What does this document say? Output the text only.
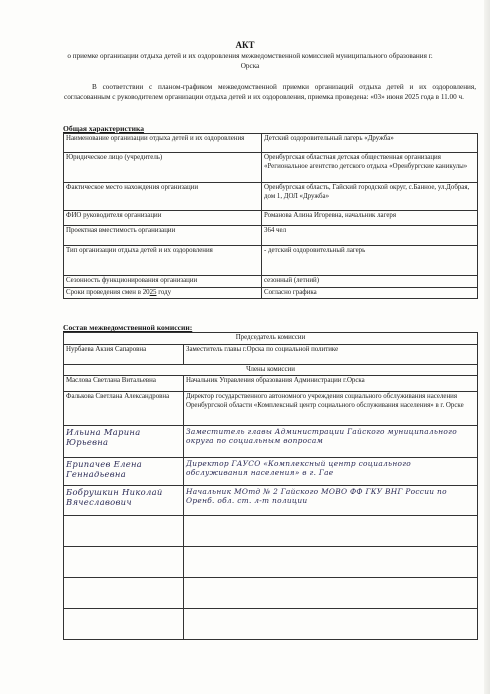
АКТ
о приемке организации отдыха детей и их оздоровления межведомственной комиссией муниципального образования г. Орска
В соответствии с планом-графиком межведомственной приемки организаций отдыха детей и их оздоровления, согласованным с руководителем организации отдыха детей и их оздоровления, приемка проведена: «03» июня 2025 года в 11.00 ч.
Общая характеристика
Наименование организации отдыха детей и их оздоровления	Детский оздоровительный лагерь «Дружба»
Юридическое лицо (учредитель)	Оренбургская областная детская общественная организация «Региональное агентство детского отдыха «Оренбургские каникулы»
Фактическое место нахождения организации	Оренбургская область, Гайский городской округ, с.Банное, ул.Добрая, дом 1, ДОЛ «Дружба»
ФИО руководителя организации	Романова Алина Игоревна, начальник лагеря
Проектная вместимость организации	364 чел
Тип организации отдыха детей и их оздоровления	- детский оздоровительный лагерь
Сезонность функционирования организации	сезонный (летний)
Сроки проведения смен в 2025 году	Согласно графика
Состав межведомственной комиссии:
Председатель комиссии	
Нурбаева Акзия Сапаровна	Заместитель главы г.Орска по социальной политике
Члены комиссии	
Маслова Светлана Витальевна	Начальник Управления образования Администрации г.Орска
Фалькова Светлана Александровна	Директор государственного автономного учреждения социального обслуживания населения Оренбургской области «Комплексный центр социального обслуживания населения» в г. Орске
Ильина Марина Юрьевна	Заместитель главы Администрации Гайского муниципального округа по социальным вопросам
Ерипачев Елена Геннадьевна	Директор ГАУСО «Комплексный центр социального обслуживания населения» в г. Гае
Бобрушкин Николай Вячеславович	Начальник МОтд № 2 Гайского МОВО ФФ ГКУ ВНГ России по Оренб. обл. ст. л-т полиции
